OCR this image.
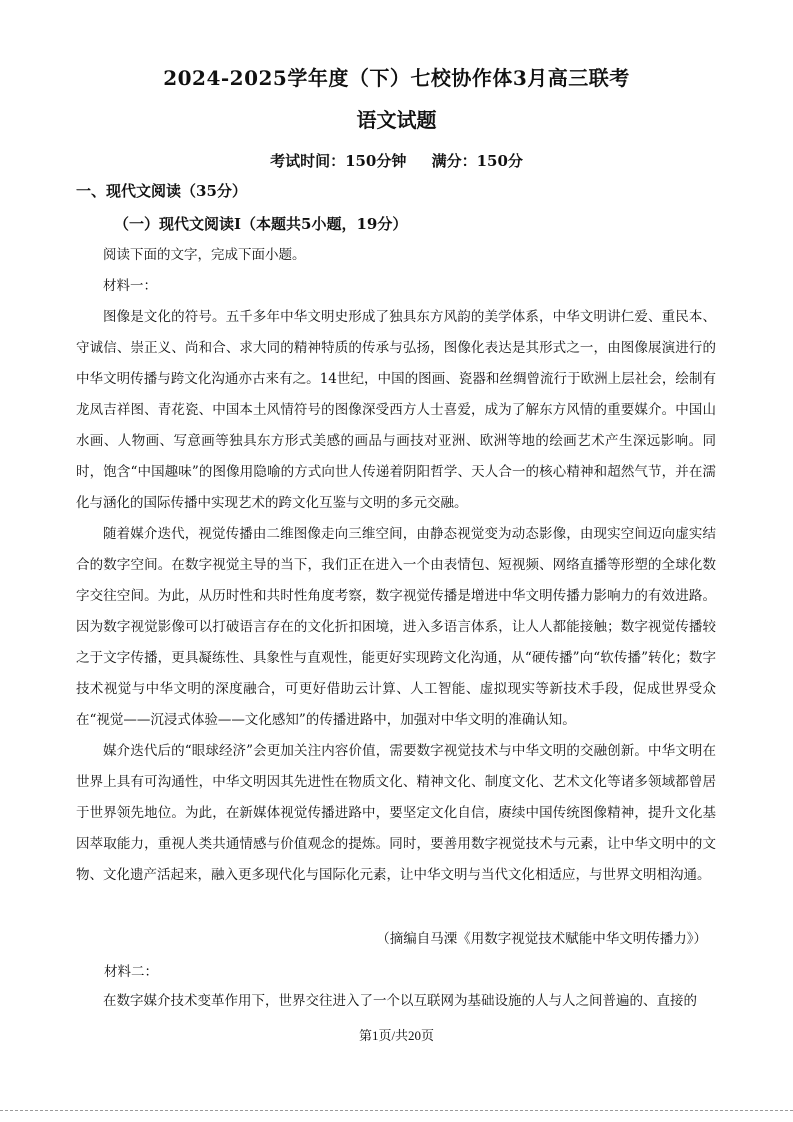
2024-2025学年度（下）七校协作体3月高三联考
语文试题
考试时间：150分钟 满分：150分
一、现代文阅读（35分）
（一）现代文阅读Ⅰ（本题共5小题，19分）

阅读下面的文字，完成下面小题。

材料一：

图像是文化的符号。五千多年中华文明史形成了独具东方风韵的美学体系，中华文明讲仁爱、重民本、守诚信、崇正义、尚和合、求大同的精神特质的传承与弘扬，图像化表达是其形式之一，由图像展演进行的中华文明传播与跨文化沟通亦古来有之。14世纪，中国的图画、瓷器和丝绸曾流行于欧洲上层社会，绘制有龙凤吉祥图、青花瓷、中国本土风情符号的图像深受西方人士喜爱，成为了解东方风情的重要媒介。中国山水画、人物画、写意画等独具东方形式美感的画品与画技对亚洲、欧洲等地的绘画艺术产生深远影响。同时，饱含“中国趣味”的图像用隐喻的方式向世人传递着阴阳哲学、天人合一的核心精神和超然气节，并在濡化与涵化的国际传播中实现艺术的跨文化互鉴与文明的多元交融。

随着媒介迭代，视觉传播由二维图像走向三维空间，由静态视觉变为动态影像，由现实空间迈向虚实结合的数字空间。在数字视觉主导的当下，我们正在进入一个由表情包、短视频、网络直播等形塑的全球化数字交往空间。为此，从历时性和共时性角度考察，数字视觉传播是增进中华文明传播力影响力的有效进路。因为数字视觉影像可以打破语言存在的文化折扣困境，进入多语言体系，让人人都能接触；数字视觉传播较之于文字传播，更具凝练性、具象性与直观性，能更好实现跨文化沟通，从“硬传播”向“软传播”转化；数字技术视觉与中华文明的深度融合，可更好借助云计算、人工智能、虚拟现实等新技术手段，促成世界受众在“视觉——沉浸式体验——文化感知”的传播进路中，加强对中华文明的准确认知。

媒介迭代后的“眼球经济”会更加关注内容价值，需要数字视觉技术与中华文明的交融创新。中华文明在世界上具有可沟通性，中华文明因其先进性在物质文化、精神文化、制度文化、艺术文化等诸多领域都曾居于世界领先地位。为此，在新媒体视觉传播进路中，要坚定文化自信，赓续中国传统图像精神，提升文化基因萃取能力，重视人类共通情感与价值观念的提炼。同时，要善用数字视觉技术与元素，让中华文明中的文物、文化遗产活起来，融入更多现代化与国际化元素，让中华文明与当代文化相适应，与世界文明相沟通。

（摘编自马溧《用数字视觉技术赋能中华文明传播力》）
材料二：
在数字媒介技术变革作用下，世界交往进入了一个以互联网为基础设施的人与人之间普遍的、直接的
第1页/共20页
